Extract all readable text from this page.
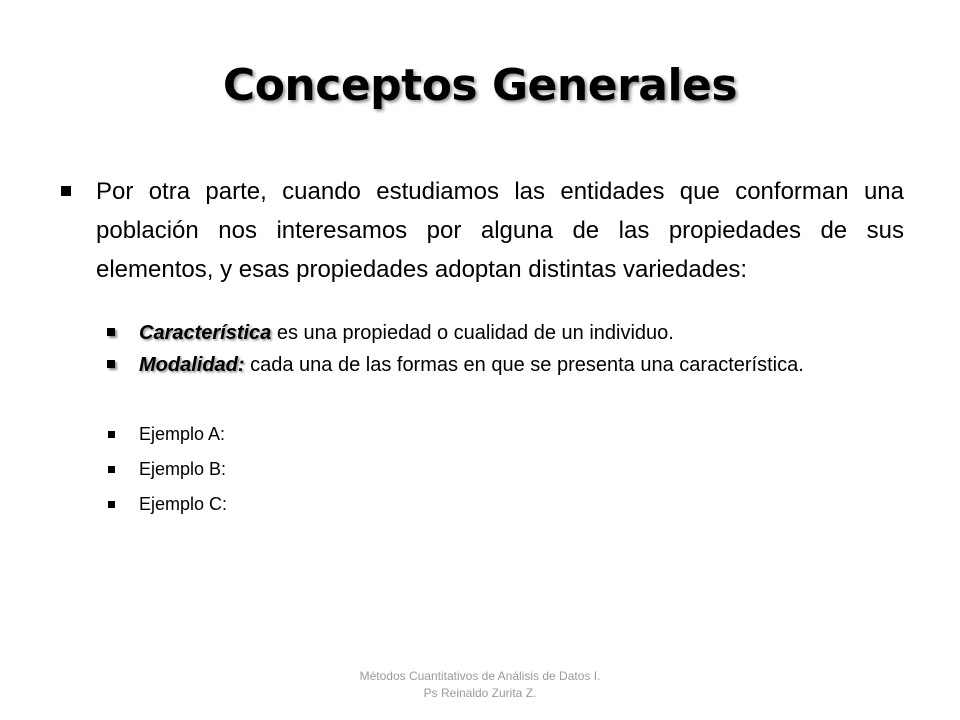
Conceptos Generales
Por otra parte, cuando estudiamos las entidades que conforman una población nos interesamos por alguna de las propiedades de sus elementos, y esas propiedades adoptan distintas variedades:
Característica es una propiedad o cualidad de un individuo.
Modalidad: cada una de las formas en que se presenta una característica.
Ejemplo A:
Ejemplo B:
Ejemplo C:
Métodos Cuantitativos de Análisis de Datos I.
Ps Reinaldo Zurita Z.
